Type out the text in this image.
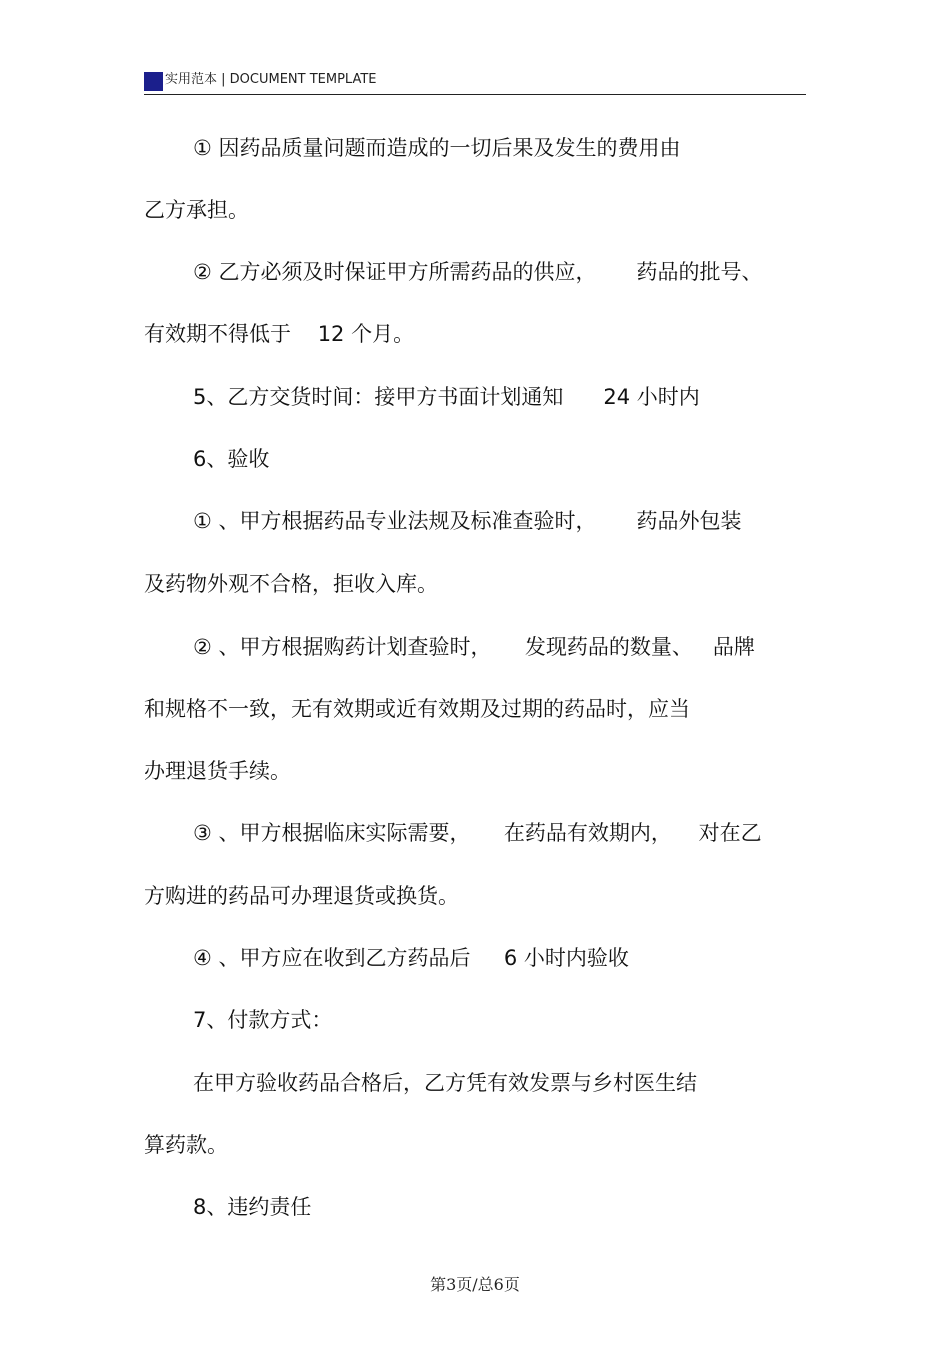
实用范本 | DOCUMENT TEMPLATE
① 因药品质量问题而造成的一切后果及发生的费用由
乙方承担。
② 乙方必须及时保证甲方所需药品的供应，      药品的批号、
有效期不得低于    12 个月。
5、乙方交货时间：接甲方书面计划通知      24 小时内
6、验收
① 、甲方根据药品专业法规及标准查验时，      药品外包装
及药物外观不合格，拒收入库。
② 、甲方根据购药计划查验时，     发现药品的数量、   品牌
和规格不一致，无有效期或近有效期及过期的药品时，应当
办理退货手续。
③ 、甲方根据临床实际需要，     在药品有效期内，    对在乙
方购进的药品可办理退货或换货。
④ 、甲方应在收到乙方药品后     6 小时内验收
7、付款方式：
在甲方验收药品合格后，乙方凭有效发票与乡村医生结
算药款。
8、违约责任
第3页/总6页
